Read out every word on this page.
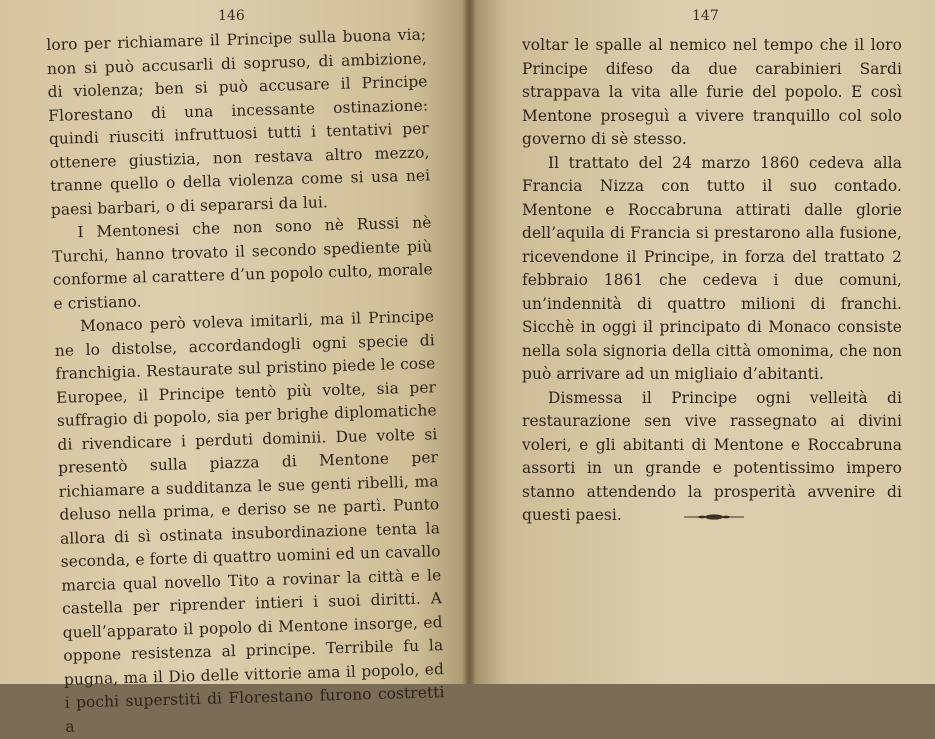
146

loro per richiamare il Principe sulla buona via; non si può accusarli di sopruso, di ambizione, di violenza; ben si può accusare il Principe Florestano di una incessante ostinazione: quindi riusciti infruttuosi tutti i tentativi per ottenere giustizia, non restava altro mezzo, tranne quello o della violenza come si usa nei paesi barbari, o di separarsi da lui.

I Mentonesi che non sono nè Russi nè Turchi, hanno trovato il secondo spediente più conforme al carattere d’un popolo culto, morale e cristiano.

Monaco però voleva imitarli, ma il Principe ne lo distolse, accordandogli ogni specie di franchigia. Restaurate sul pristino piede le cose Europee, il Principe tentò più volte, sia per suffragio di popolo, sia per brighe diplomatiche di rivendicare i perduti dominii. Due volte si presentò sulla piazza di Mentone per richiamare a sudditanza le sue genti ribelli, ma deluso nella prima, e deriso se ne partì. Punto allora di sì ostinata insubordinazione tenta la seconda, e forte di quattro uomini ed un cavallo marcia qual novello Tito a rovinar la città e le castella per riprender intieri i suoi diritti. A quell’apparato il popolo di Mentone insorge, ed oppone resistenza al principe. Terribile fu la pugna, ma il Dio delle vittorie ama il popolo, ed i pochi superstiti di Florestano furono costretti a

147

voltar le spalle al nemico nel tempo che il loro Principe difeso da due carabinieri Sardi strappava la vita alle furie del popolo. E così Mentone proseguì a vivere tranquillo col solo governo di sè stesso.

Il trattato del 24 marzo 1860 cedeva alla Francia Nizza con tutto il suo contado. Mentone e Roccabruna attirati dalle glorie dell’aquila di Francia si prestarono alla fusione, ricevendone il Principe, in forza del trattato 2 febbraio 1861 che cedeva i due comuni, un’indennità di quattro milioni di franchi. Sicchè in oggi il principato di Monaco consiste nella sola signoria della città omonima, che non può arrivare ad un migliaio d’abitanti.

Dismessa il Principe ogni velleità di restaurazione sen vive rassegnato ai divini voleri, e gli abitanti di Mentone e Roccabruna assorti in un grande e potentissimo impero stanno attendendo la prosperità avvenire di questi paesi.
